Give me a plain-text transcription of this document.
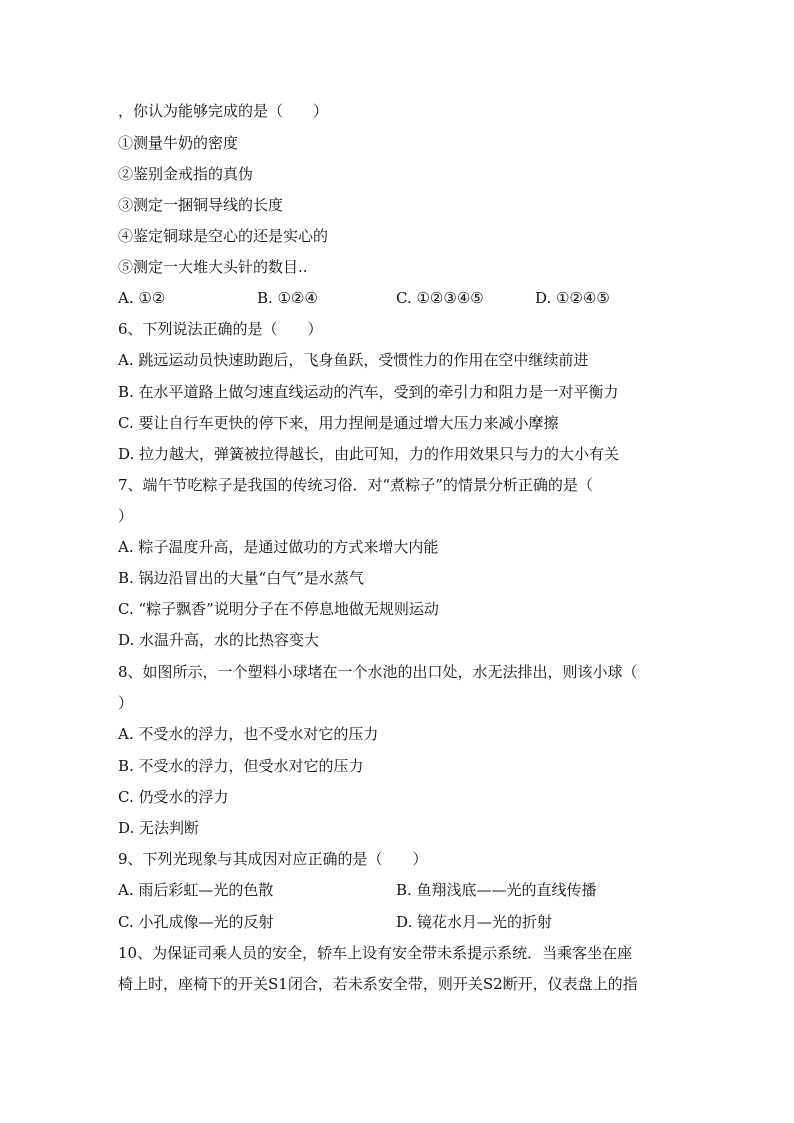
，你认为能够完成的是（　　）
①测量牛奶的密度
②鉴别金戒指的真伪
③测定一捆铜导线的长度
④鉴定铜球是空心的还是实心的
⑤测定一大堆大头针的数目..
A. ①②	B. ①②④	C. ①②③④⑤	D. ①②④⑤
6、下列说法正确的是（　　）
A. 跳远运动员快速助跑后，飞身鱼跃，受惯性力的作用在空中继续前进
B. 在水平道路上做匀速直线运动的汽车，受到的牵引力和阻力是一对平衡力
C. 要让自行车更快的停下来，用力捏闸是通过增大压力来减小摩擦
D. 拉力越大，弹簧被拉得越长，由此可知，力的作用效果只与力的大小有关
7、端午节吃粽子是我国的传统习俗．对“煮粽子”的情景分析正确的是（
）
A. 粽子温度升高，是通过做功的方式来增大内能
B. 锅边沿冒出的大量“白气”是水蒸气
C. “粽子飘香”说明分子在不停息地做无规则运动
D. 水温升高，水的比热容变大
8、如图所示，一个塑料小球堵在一个水池的出口处，水无法排出，则该小球（
）
A. 不受水的浮力，也不受水对它的压力
B. 不受水的浮力，但受水对它的压力
C. 仍受水的浮力
D. 无法判断
9、下列光现象与其成因对应正确的是（　　）
A. 雨后彩虹—光的色散	B. 鱼翔浅底——光的直线传播
C. 小孔成像—光的反射	D. 镜花水月—光的折射
10、为保证司乘人员的安全，轿车上设有安全带未系提示系统．当乘客坐在座
椅上时，座椅下的开关S1闭合，若未系安全带，则开关S2断开，仪表盘上的指
